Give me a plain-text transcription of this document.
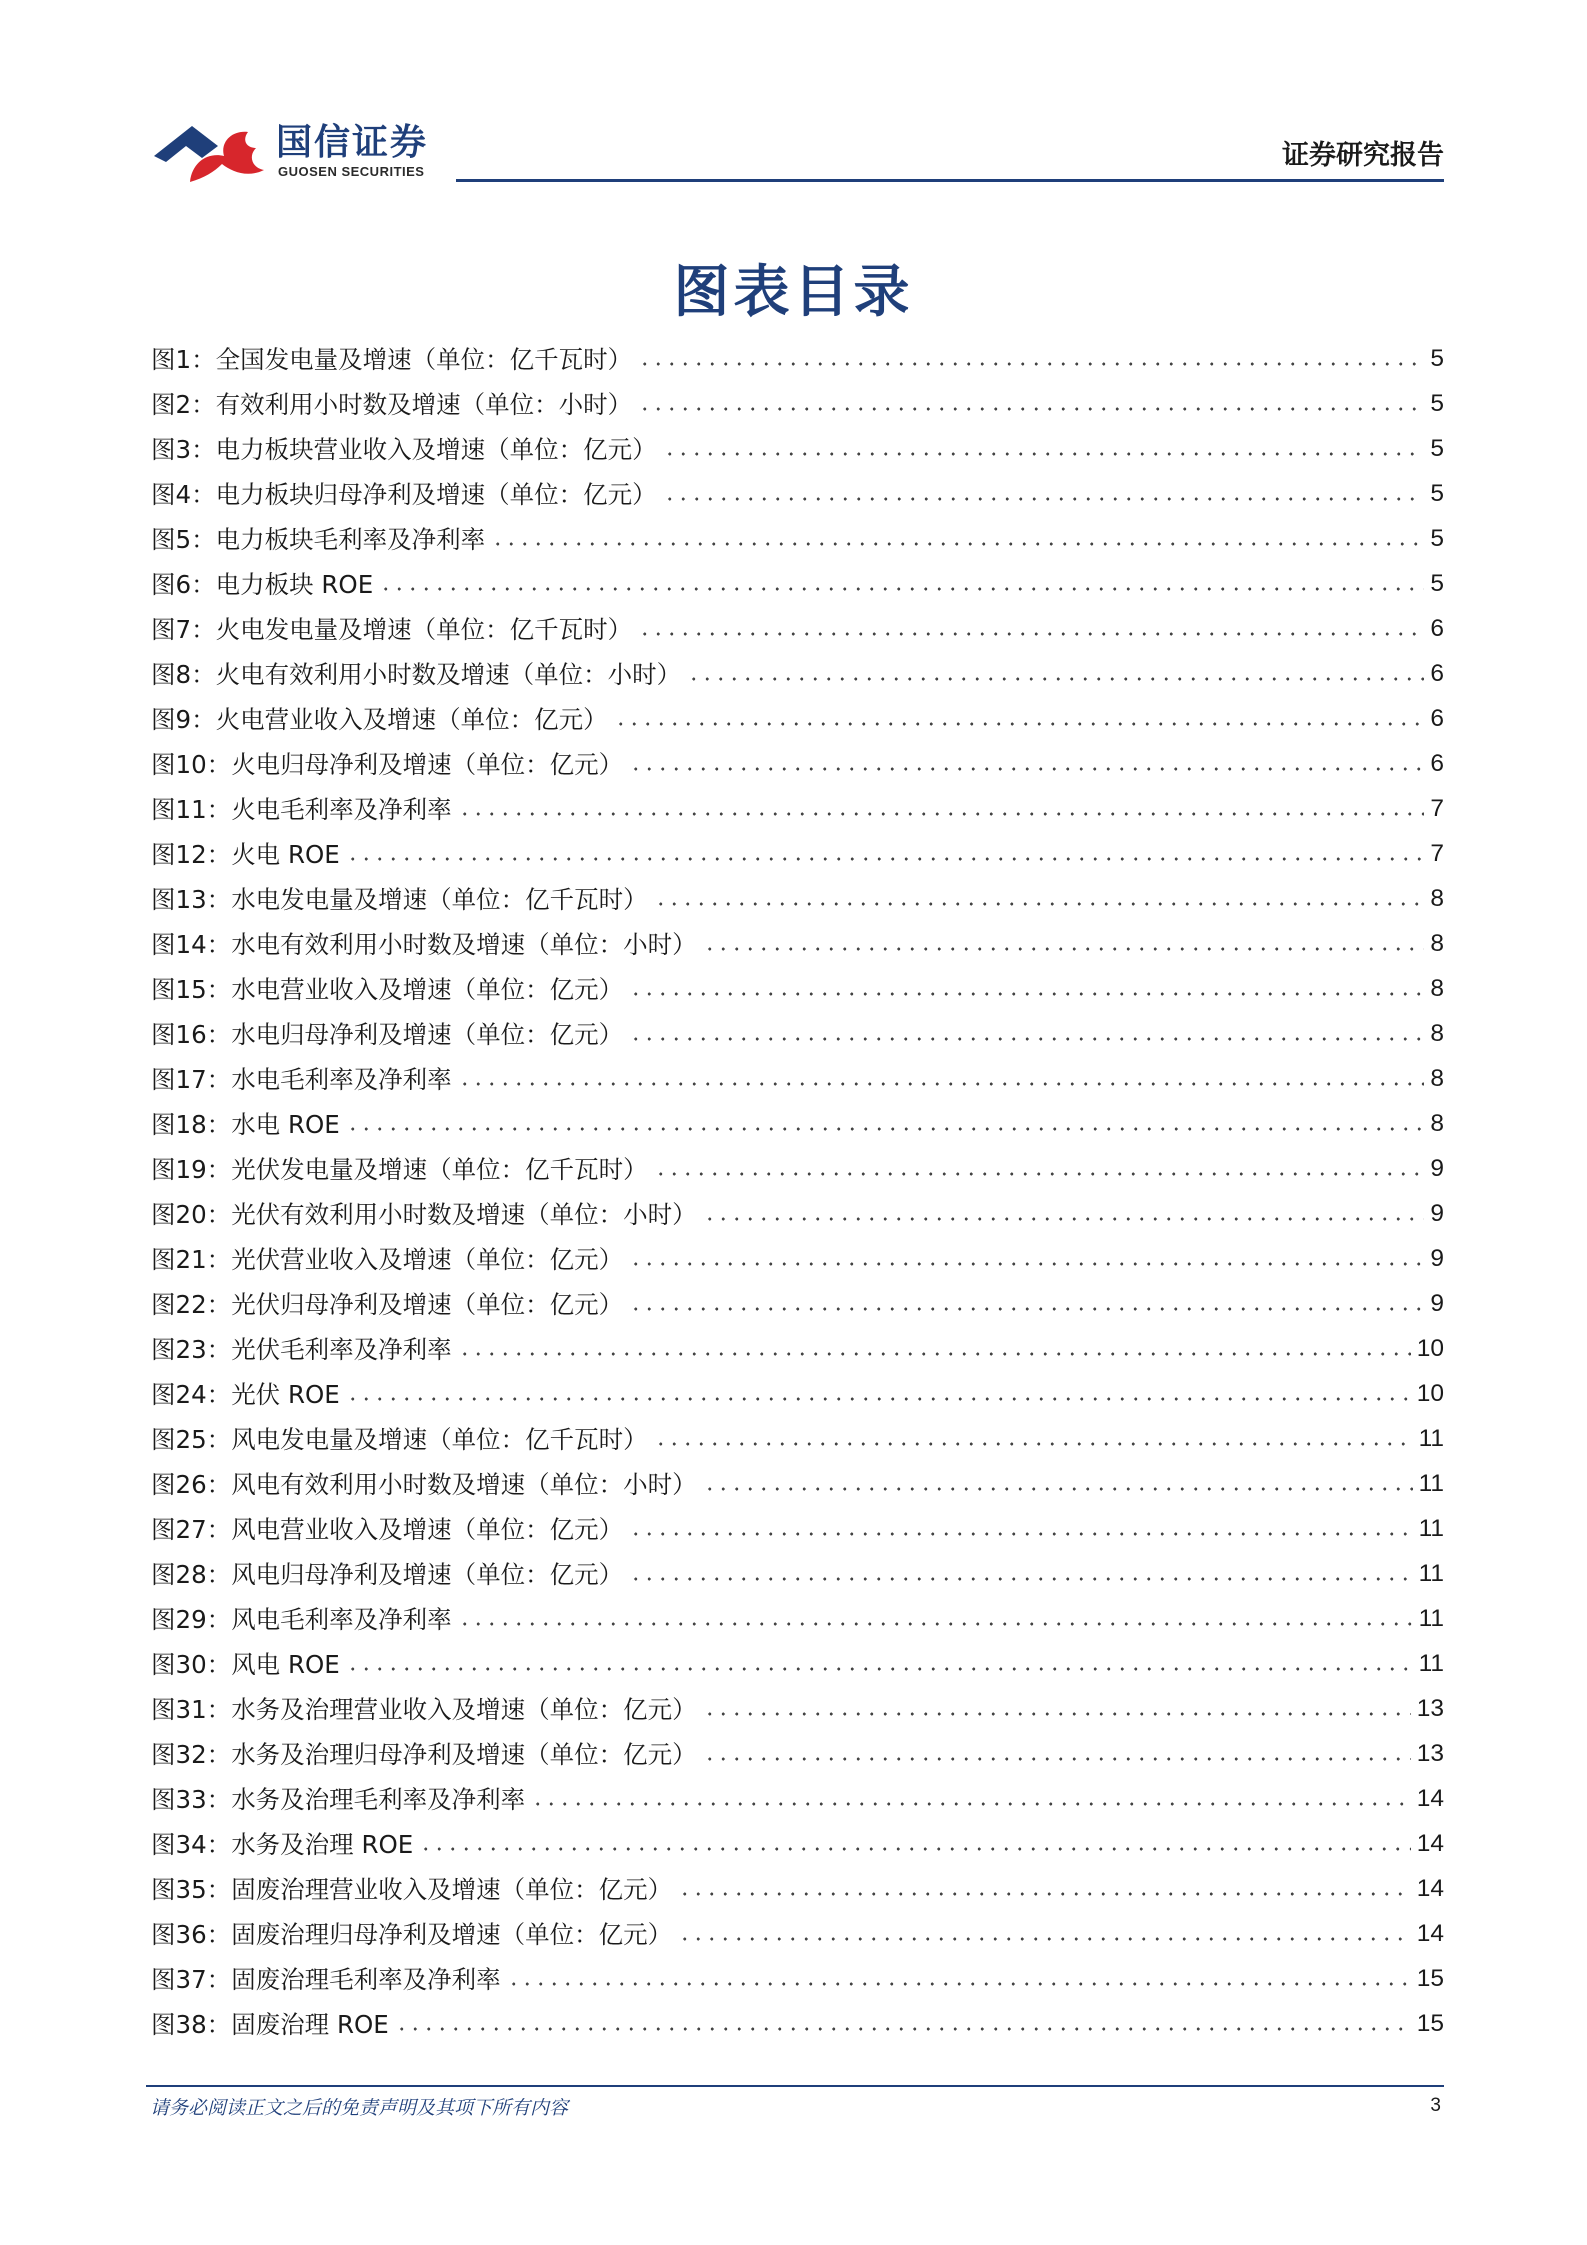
国信证券
GUOSEN SECURITIES
证券研究报告
图表目录
图1： 全国发电量及增速（单位：亿千瓦时）	5
图2： 有效利用小时数及增速（单位：小时）	5
图3： 电力板块营业收入及增速（单位：亿元）	5
图4： 电力板块归母净利及增速（单位：亿元）	5
图5： 电力板块毛利率及净利率	5
图6： 电力板块 ROE	5
图7： 火电发电量及增速（单位：亿千瓦时）	6
图8： 火电有效利用小时数及增速（单位：小时）	6
图9： 火电营业收入及增速（单位：亿元）	6
图10： 火电归母净利及增速（单位：亿元）	6
图11： 火电毛利率及净利率	7
图12： 火电 ROE	7
图13： 水电发电量及增速（单位：亿千瓦时）	8
图14： 水电有效利用小时数及增速（单位：小时）	8
图15： 水电营业收入及增速（单位：亿元）	8
图16： 水电归母净利及增速（单位：亿元）	8
图17： 水电毛利率及净利率	8
图18： 水电 ROE	8
图19： 光伏发电量及增速（单位：亿千瓦时）	9
图20： 光伏有效利用小时数及增速（单位：小时）	9
图21： 光伏营业收入及增速（单位：亿元）	9
图22： 光伏归母净利及增速（单位：亿元）	9
图23： 光伏毛利率及净利率	10
图24： 光伏 ROE	10
图25： 风电发电量及增速（单位：亿千瓦时）	11
图26： 风电有效利用小时数及增速（单位：小时）	11
图27： 风电营业收入及增速（单位：亿元）	11
图28： 风电归母净利及增速（单位：亿元）	11
图29： 风电毛利率及净利率	11
图30： 风电 ROE	11
图31： 水务及治理营业收入及增速（单位：亿元）	13
图32： 水务及治理归母净利及增速（单位：亿元）	13
图33： 水务及治理毛利率及净利率	14
图34： 水务及治理 ROE	14
图35： 固废治理营业收入及增速（单位：亿元）	14
图36： 固废治理归母净利及增速（单位：亿元）	14
图37： 固废治理毛利率及净利率	15
图38： 固废治理 ROE	15
请务必阅读正文之后的免责声明及其项下所有内容	3
